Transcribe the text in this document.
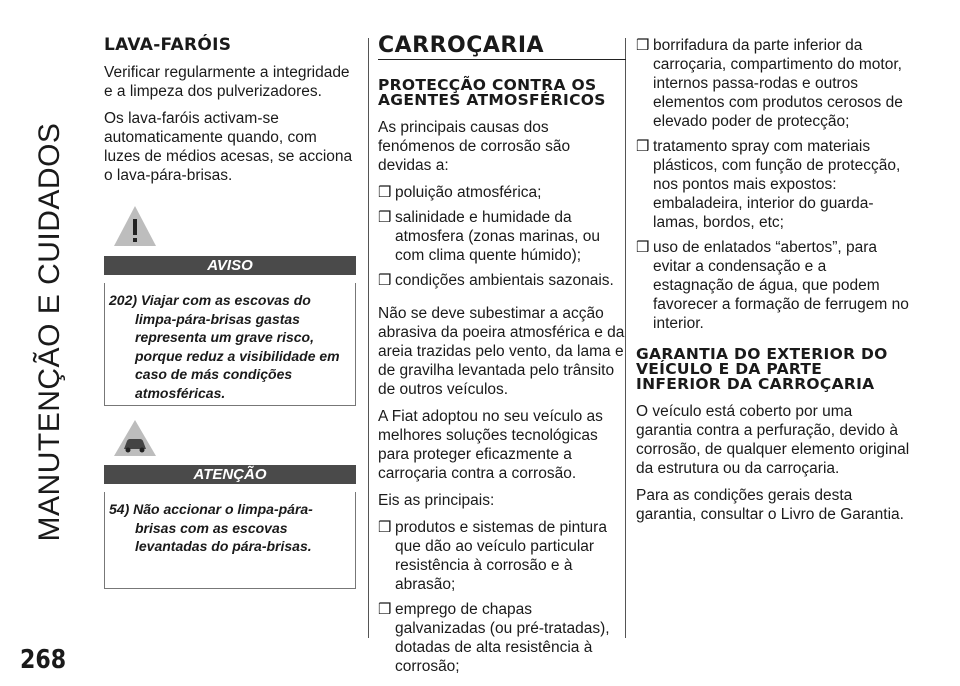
MANUTENÇÃO E CUIDADOS
268
LAVA-FARÓIS

Verificar regularmente a integridade e a limpeza dos pulverizadores.

Os lava-faróis activam-se automaticamente quando, com luzes de médios acesas, se acciona o lava-pára-brisas.

AVISO
202) Viajar com as escovas do limpa-pára-brisas gastas representa um grave risco, porque reduz a visibilidade em caso de más condições atmosféricas.
ATENÇÃO
54) Não accionar o limpa-pára-brisas com as escovas levantadas do pára-brisas.
CARROÇARIA
PROTECÇÃO CONTRA OS AGENTES ATMOSFÉRICOS

As principais causas dos fenómenos de corrosão são devidas a:

❒ poluição atmosférica;
❒ salinidade e humidade da atmosfera (zonas marinas, ou com clima quente húmido);
❒ condições ambientais sazonais.

Não se deve subestimar a acção abrasiva da poeira atmosférica e da areia trazidas pelo vento, da lama e de gravilha levantada pelo trânsito de outros veículos.

A Fiat adoptou no seu veículo as melhores soluções tecnológicas para proteger eficazmente a carroçaria contra a corrosão.

Eis as principais:

❒ produtos e sistemas de pintura que dão ao veículo particular resistência à corrosão e à abrasão;
❒ emprego de chapas galvanizadas (ou pré-tratadas), dotadas de alta resistência à corrosão;
❒ borrifadura da parte inferior da carroçaria, compartimento do motor, internos passa-rodas e outros elementos com produtos cerosos de elevado poder de protecção;
❒ tratamento spray com materiais plásticos, com função de protecção, nos pontos mais expostos: embaladeira, interior do guarda-lamas, bordos, etc;
❒ uso de enlatados “abertos”, para evitar a condensação e a estagnação de água, que podem favorecer a formação de ferrugem no interior.
GARANTIA DO EXTERIOR DO VEÍCULO E DA PARTE INFERIOR DA CARROÇARIA

O veículo está coberto por uma garantia contra a perfuração, devido à corrosão, de qualquer elemento original da estrutura ou da carroçaria.

Para as condições gerais desta garantia, consultar o Livro de Garantia.
